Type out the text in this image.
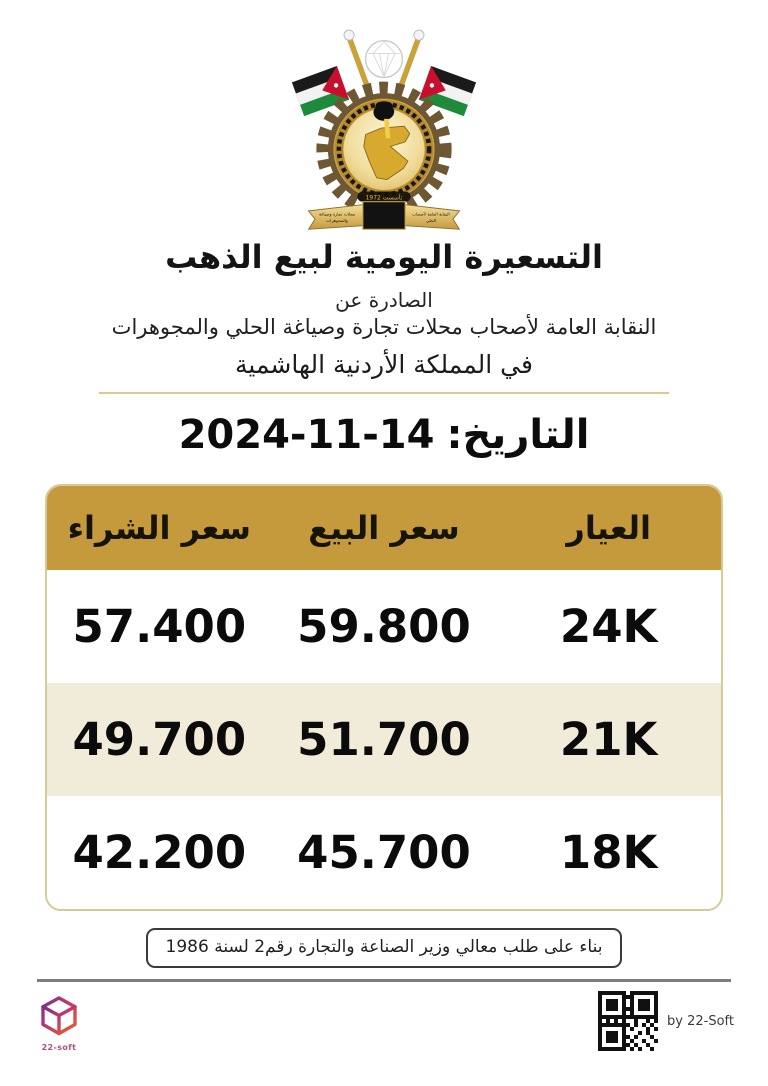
تأسست 1972
النقابة العامة لأصحاب
الحلي
محلات تجارة وصياغة
والمجوهرات
التسعيرة اليومية لبيع الذهب
الصادرة عن
النقابة العامة لأصحاب محلات تجارة وصياغة الحلي والمجوهرات
في المملكة الأردنية الهاشمية
التاريخ:14-11-2024
العيار
سعر البيع
سعر الشراء
24K
59.800
57.400
21K
51.700
49.700
18K
45.700
42.200
بناء على طلب معالي وزير الصناعة والتجارة رقم2 لسنة 1986
22-soft
by 22-Soft
